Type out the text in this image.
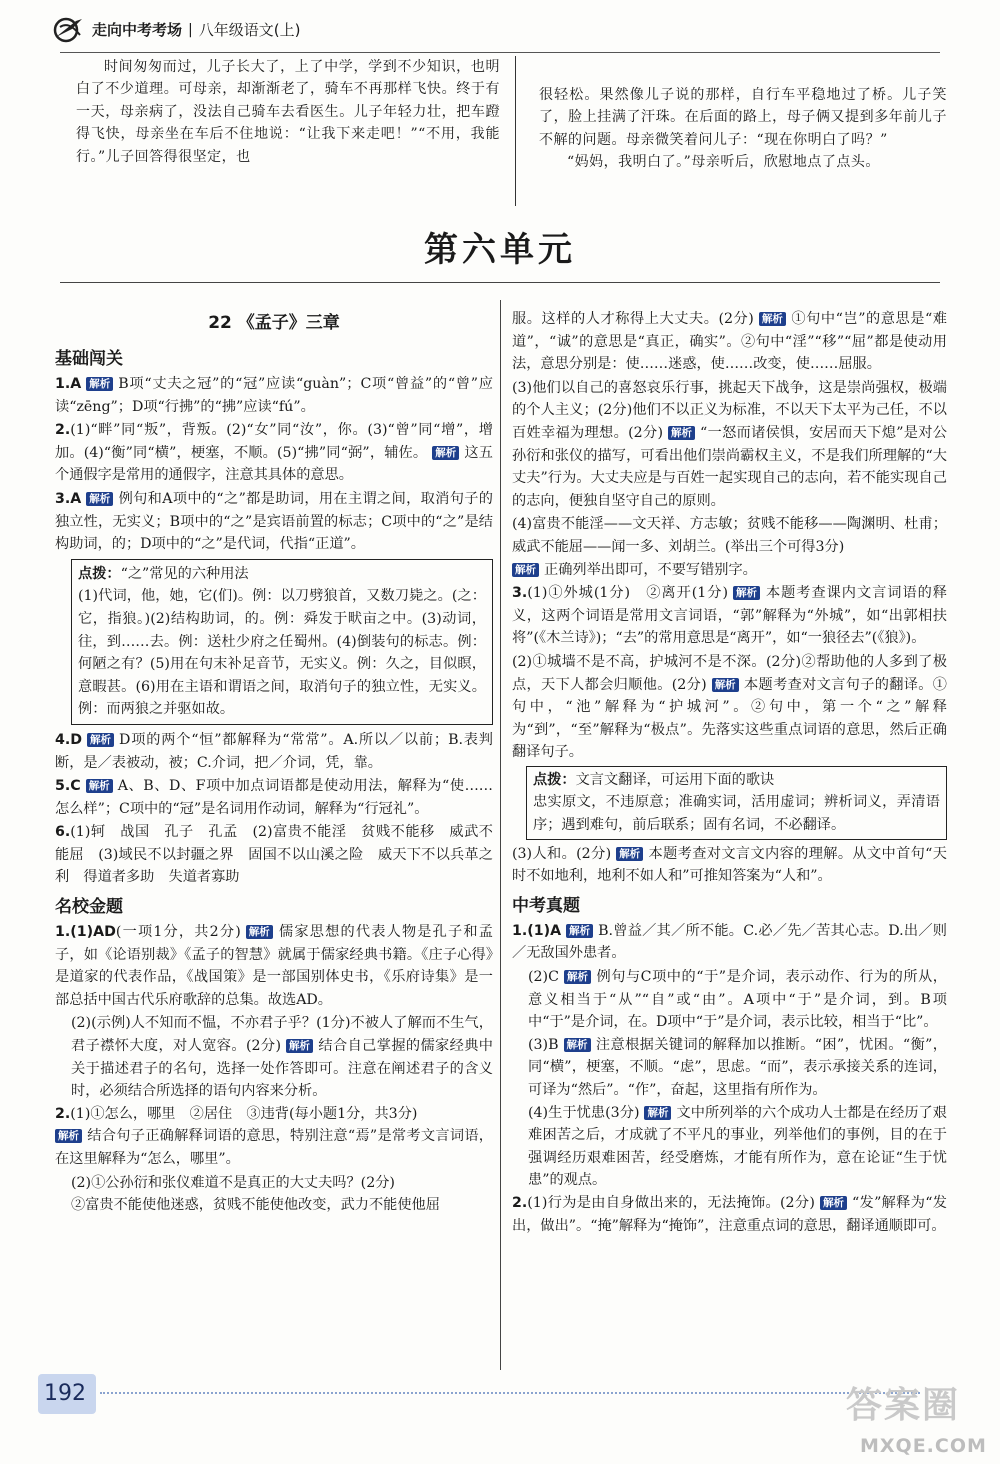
走向中考考场 | 八年级语文(上)

时间匆匆而过，儿子长大了，上了中学，学到不少知识，也明白了不少道理。可母亲，却渐渐老了，骑车不再那样飞快。终于有一天，母亲病了，没法自己骑车去看医生。儿子年轻力壮，把车蹬得飞快，母亲坐在车后不住地说：“让我下来走吧！”“不用，我能行。”儿子回答得很坚定，也

很轻松。果然像儿子说的那样，自行车平稳地过了桥。儿子笑了，脸上挂满了汗珠。在后面的路上，母子俩又提到多年前儿子不解的问题。母亲微笑着问儿子：“现在你明白了吗？”

“妈妈，我明白了。”母亲听后，欣慰地点了点头。

第六单元
22 《孟子》三章
基础闯关
1.A 解析 B项“丈夫之冠”的“冠”应读“guàn”；C项“曾益”的“曾”应读“zēng”；D项“行拂”的“拂”应读“fú”。
2.(1)“畔”同“叛”，背叛。(2)“女”同“汝”，你。(3)“曾”同“增”，增加。(4)“衡”同“横”，梗塞，不顺。(5)“拂”同“弼”，辅佐。 解析 这五个通假字是常用的通假字，注意其具体的意思。
3.A 解析 例句和A项中的“之”都是助词，用在主谓之间，取消句子的独立性，无实义；B项中的“之”是宾语前置的标志；C项中的“之”是结构助词，的；D项中的“之”是代词，代指“正道”。
点拨：“之”常见的六种用法
(1)代词，他，她，它(们)。例：以刀劈狼首，又数刀毙之。(之：它，指狼。)(2)结构助词，的。例：舜发于畎亩之中。(3)动词，往，到……去。例：送杜少府之任蜀州。(4)倒装句的标志。例：何陋之有？(5)用在句末补足音节，无实义。例：久之，目似瞑，意暇甚。(6)用在主语和谓语之间，取消句子的独立性，无实义。例：而两狼之并驱如故。
4.D 解析 D项的两个“恒”都解释为“常常”。A.所以／以前；B.表判断，是／表被动，被；C.介词，把／介词，凭，靠。
5.C 解析 A、B、D、F项中加点词语都是使动用法，解释为“使……怎么样”；C项中的“冠”是名词用作动词，解释为“行冠礼”。
6.(1)轲　战国　孔子　孔孟　(2)富贵不能淫　贫贱不能移　威武不能屈　(3)域民不以封疆之界　固国不以山溪之险　威天下不以兵革之利　得道者多助　失道者寡助
名校金题
1.(1)AD(一项1分，共2分) 解析 儒家思想的代表人物是孔子和孟子，如《论语别裁》《孟子的智慧》就属于儒家经典书籍。《庄子心得》是道家的代表作品，《战国策》是一部国别体史书，《乐府诗集》是一部总括中国古代乐府歌辞的总集。故选AD。
(2)(示例)人不知而不愠，不亦君子乎？(1分)不被人了解而不生气，君子襟怀大度，对人宽容。(2分) 解析 结合自己掌握的儒家经典中关于描述君子的名句，选择一处作答即可。注意在阐述君子的含义时，必须结合所选择的语句内容来分析。
2.(1)①怎么，哪里　②居住　③违背(每小题1分，共3分)
解析 结合句子正确解释词语的意思，特别注意“焉”是常考文言词语，在这里解释为“怎么，哪里”。
(2)①公孙衍和张仪难道不是真正的大丈夫吗？(2分)
②富贵不能使他迷惑，贫贱不能使他改变，武力不能使他屈
服。这样的人才称得上大丈夫。(2分) 解析 ①句中“岂”的意思是“难道”，“诚”的意思是“真正，确实”。②句中“淫”“移”“屈”都是使动用法，意思分别是：使……迷惑，使……改变，使……屈服。
(3)他们以自己的喜怒哀乐行事，挑起天下战争，这是崇尚强权，极端的个人主义；(2分)他们不以正义为标准，不以天下太平为己任，不以百姓幸福为理想。(2分) 解析 “一怒而诸侯惧，安居而天下熄”是对公孙衍和张仪的描写，可看出他们崇尚霸权主义，不是我们所理解的“大丈夫”行为。大丈夫应是与百姓一起实现自己的志向，若不能实现自己的志向，便独自坚守自己的原则。
(4)富贵不能淫——文天祥、方志敏；贫贱不能移——陶渊明、杜甫；威武不能屈——闻一多、刘胡兰。(举出三个可得3分)
解析 正确列举出即可，不要写错别字。
3.(1)①外城(1分)　②离开(1分) 解析 本题考查课内文言词语的释义，这两个词语是常用文言词语，“郭”解释为“外城”，如“出郭相扶将”(《木兰诗》)；“去”的常用意思是“离开”，如“一狼径去”(《狼》)。
(2)①城墙不是不高，护城河不是不深。(2分)②帮助他的人多到了极点，天下人都会归顺他。(2分) 解析 本题考查对文言句子的翻译。①句中，“池”解释为“护城河”。②句中，第一个“之”解释为“到”，“至”解释为“极点”。先落实这些重点词语的意思，然后正确翻译句子。
点拨：文言文翻译，可运用下面的歌诀
忠实原文，不违原意；准确实词，活用虚词；辨析词义，弄清语序；遇到难句，前后联系；固有名词，不必翻译。
(3)人和。(2分) 解析 本题考查对文言文内容的理解。从文中首句“天时不如地利，地利不如人和”可推知答案为“人和”。
中考真题
1.(1)A 解析 B.曾益／其／所不能。C.必／先／苦其心志。D.出／则／无敌国外患者。
(2)C 解析 例句与C项中的“于”是介词，表示动作、行为的所从，意义相当于“从”“自”或“由”。A项中“于”是介词，到。B项中“于”是介词，在。D项中“于”是介词，表示比较，相当于“比”。
(3)B 解析 注意根据关键词的解释加以推断。“困”，忧困。“衡”，同“横”，梗塞，不顺。“虑”，思虑。“而”，表示承接关系的连词，可译为“然后”。“作”，奋起，这里指有所作为。
(4)生于忧患(3分) 解析 文中所列举的六个成功人士都是在经历了艰难困苦之后，才成就了不平凡的事业，列举他们的事例，目的在于强调经历艰难困苦，经受磨炼，才能有所作为，意在论证“生于忧患”的观点。
2.(1)行为是由自身做出来的，无法掩饰。(2分) 解析 “发”解释为“发出，做出”。“掩”解释为“掩饰”，注意重点词的意思，翻译通顺即可。
192	答案圈
MXQE.COM
